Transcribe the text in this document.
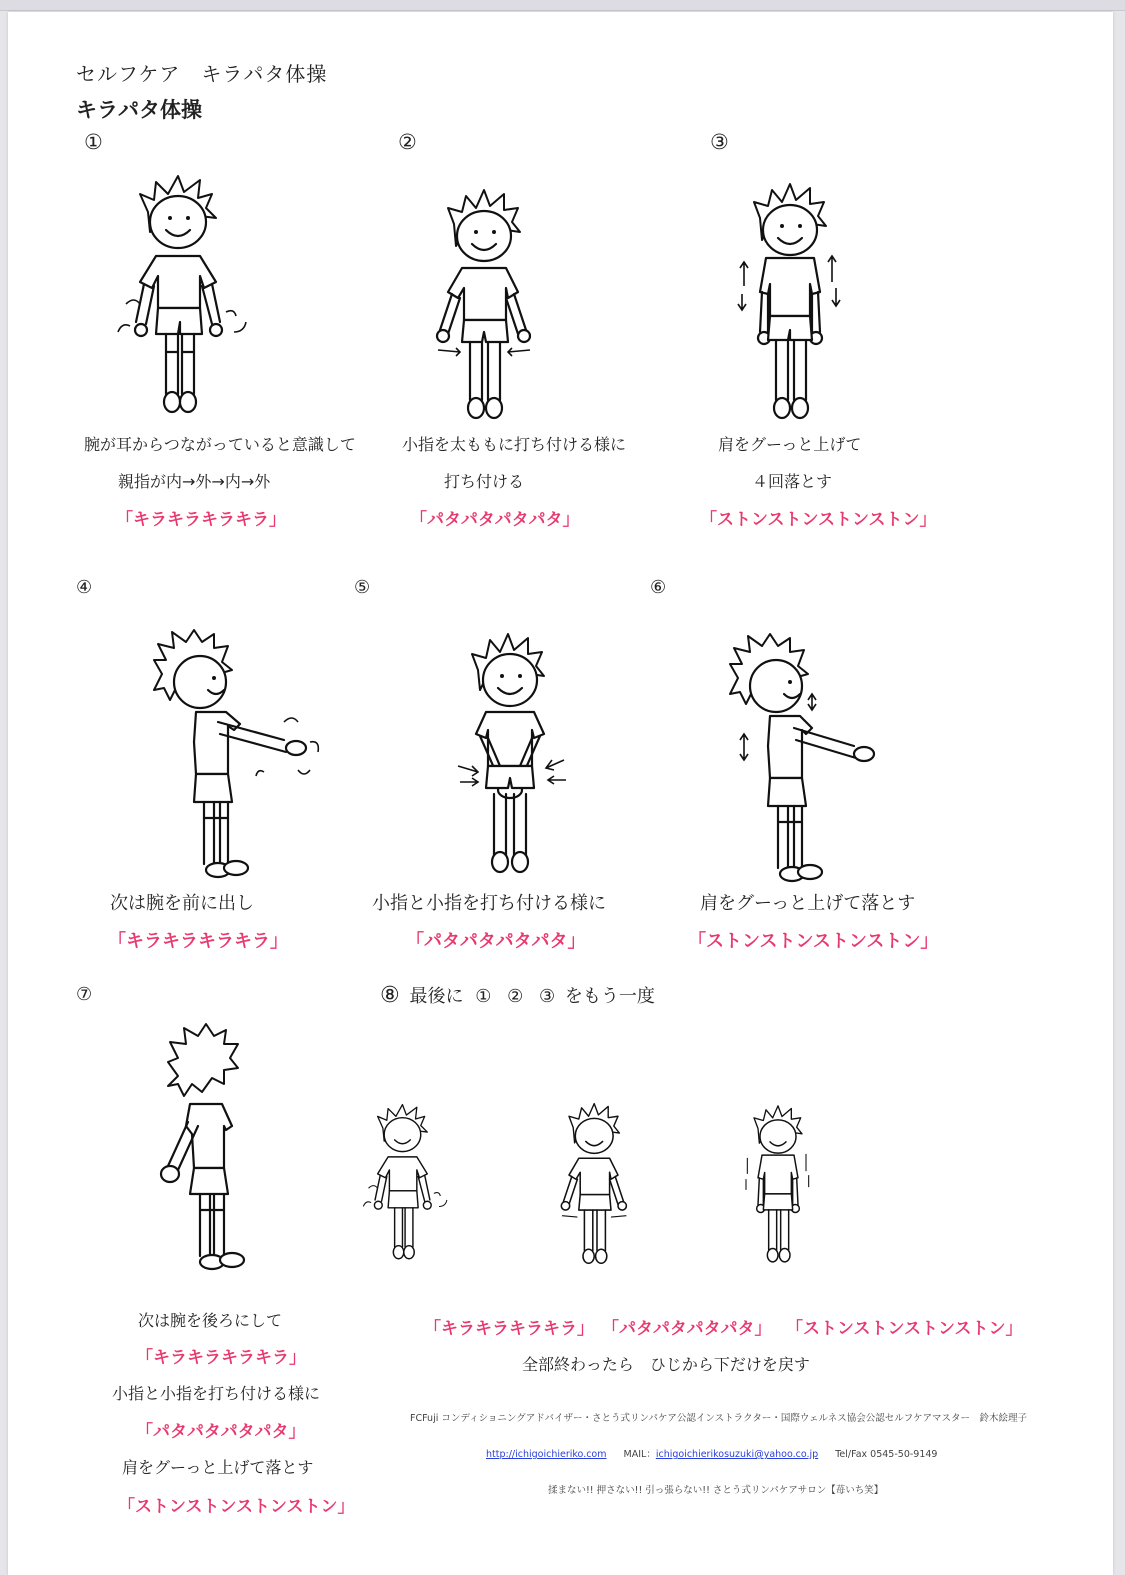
セルフケア　キラパタ体操
キラパタ体操
①	②	③
腕が耳からつながっていると意識して
親指が内→外→内→外
「キラキラキラキラ」
小指を太ももに打ち付ける様に
打ち付ける
「パタパタパタパタ」
肩をグーっと上げて
４回落とす
「ストンストンストンストン」
④	⑤	⑥
次は腕を前に出し
「キラキラキラキラ」
小指と小指を打ち付ける様に
「パタパタパタパタ」
肩をグーっと上げて落とす
「ストンストンストンストン」
⑦	⑧ 最後に ① ② ③ をもう一度
次は腕を後ろにして
「キラキラキラキラ」
小指と小指を打ち付ける様に
「パタパタパタパタ」
肩をグーっと上げて落とす
「ストンストンストンストン」
「キラキラキラキラ」 「パタパタパタパタ」 「ストンストンストンストン」
全部終わったら　ひじから下だけを戻す
FCFuji コンディショニングアドバイザー・さとう式リンパケア公認インストラクター・国際ウェルネス協会公認セルフケアマスター　鈴木絵理子
http://ichigoichieriko.com MAIL：ichigoichierikosuzuki@yahoo.co.jp Tel/Fax 0545-50-9149
揉まない!! 押さない!! 引っ張らない!! さとう式リンパケアサロン【苺いち笑】
